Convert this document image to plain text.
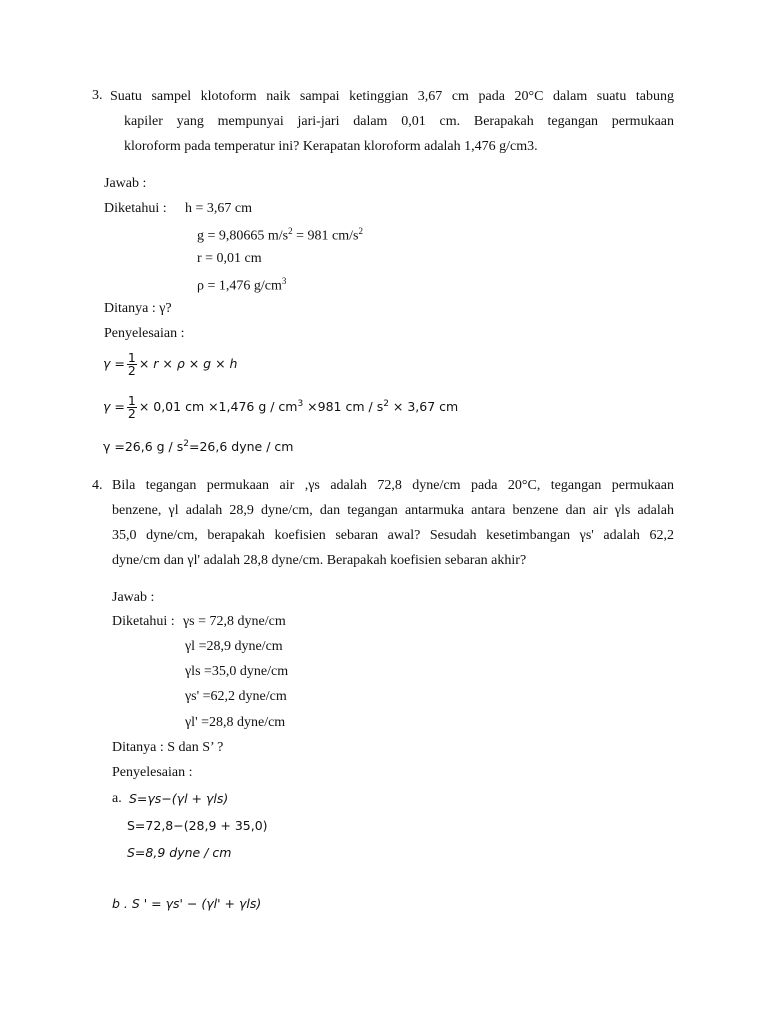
3. Suatu sampel klotoform naik sampai ketinggian 3,67 cm pada 20°C dalam suatu tabung
kapiler yang mempunyai jari-jari dalam 0,01 cm. Berapakah tegangan permukaan
kloroform pada temperatur ini? Kerapatan kloroform adalah 1,476 g/cm3.
Jawab :
Diketahui : h = 3,67 cm
g = 9,80665 $m/s^2 = 981$ $cm/s^2$
r = 0,01 cm
ρ = 1,476 $g/cm^3$
Ditanya : γ?
Penyelesaian :
$\gamma = \frac{1}{2} \times r \times \rho \times g \times h$
$\gamma = \frac{1}{2} \times 0,01$ cm ×1,476 $g / cm^3 \times 981$ cm / $s^2 \times 3,67$ cm
γ =26,6 $g / s^2=26,6$ dyne / cm
4. Bila tegangan permukaan air ,γs adalah 72,8 dyne/cm pada 20°C, tegangan permukaan
benzene, γl adalah 28,9 dyne/cm, dan tegangan antarmuka antara benzene dan air γls adalah
35,0 dyne/cm, berapakah koefisien sebaran awal? Sesudah kesetimbangan γs' adalah 62,2
dyne/cm dan γl' adalah 28,8 dyne/cm. Berapakah koefisien sebaran akhir?
Jawab :
Diketahui : γs = 72,8 dyne/cm
γl =28,9 dyne/cm
γls =35,0 dyne/cm
γs' =62,2 dyne/cm
γl' =28,8 dyne/cm
Ditanya : S dan S’ ?
Penyelesaian :
a. S=γs−(γl + γls)
S=72,8−(28,9 + 35,0)
S=8,9 dyne / cm
b . S ' = γs' − (γl' + γls)
